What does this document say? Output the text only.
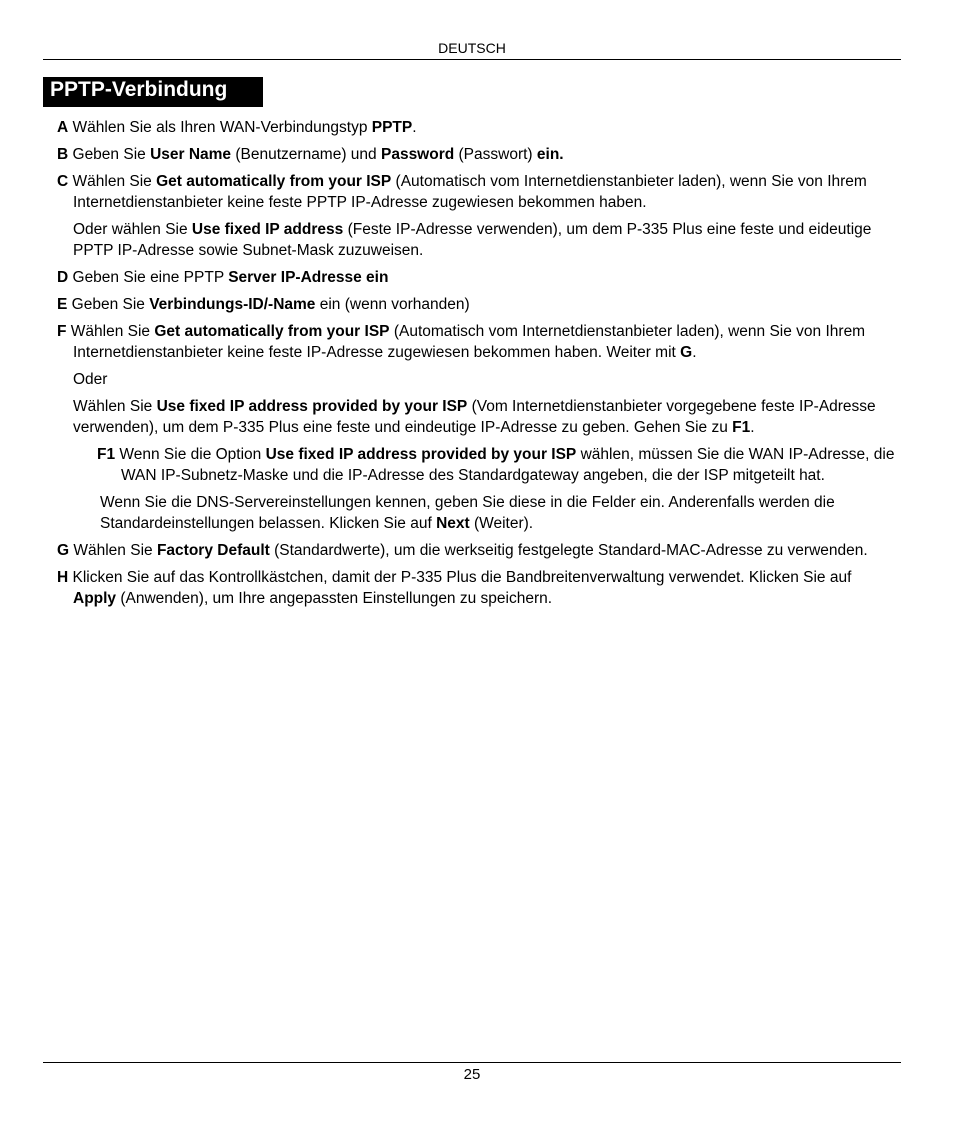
DEUTSCH
PPTP-Verbindung

A Wählen Sie als Ihren WAN-Verbindungstyp PPTP.

B Geben Sie User Name (Benutzername) und Password (Passwort) ein.

C Wählen Sie Get automatically from your ISP (Automatisch vom Internetdienstanbieter laden), wenn Sie von Ihrem Internetdienstanbieter keine feste PPTP IP-Adresse zugewiesen bekommen haben.

Oder wählen Sie Use fixed IP address (Feste IP-Adresse verwenden), um dem P-335 Plus eine feste und eideutige PPTP IP-Adresse sowie Subnet-Mask zuzuweisen.

D Geben Sie eine PPTP Server IP-Adresse ein

E Geben Sie Verbindungs-ID/-Name ein (wenn vorhanden)

F Wählen Sie Get automatically from your ISP (Automatisch vom Internetdienstanbieter laden), wenn Sie von Ihrem Internetdienstanbieter keine feste IP-Adresse zugewiesen bekommen haben. Weiter mit G.

Oder

Wählen Sie Use fixed IP address provided by your ISP (Vom Internetdienstanbieter vorgegebene feste IP-Adresse verwenden), um dem P-335 Plus eine feste und eindeutige IP-Adresse zu geben. Gehen Sie zu F1.

F1 Wenn Sie die Option Use fixed IP address provided by your ISP wählen, müssen Sie die WAN IP-Adresse, die WAN IP-Subnetz-Maske und die IP-Adresse des Standardgateway angeben, die der ISP mitgeteilt hat.

Wenn Sie die DNS-Servereinstellungen kennen, geben Sie diese in die Felder ein. Anderenfalls werden die Standardeinstellungen belassen. Klicken Sie auf Next (Weiter).

G Wählen Sie Factory Default (Standardwerte), um die werkseitig festgelegte Standard-MAC-Adresse zu verwenden.

H Klicken Sie auf das Kontrollkästchen, damit der P-335 Plus die Bandbreitenverwaltung verwendet. Klicken Sie auf Apply (Anwenden), um Ihre angepassten Einstellungen zu speichern.

25
